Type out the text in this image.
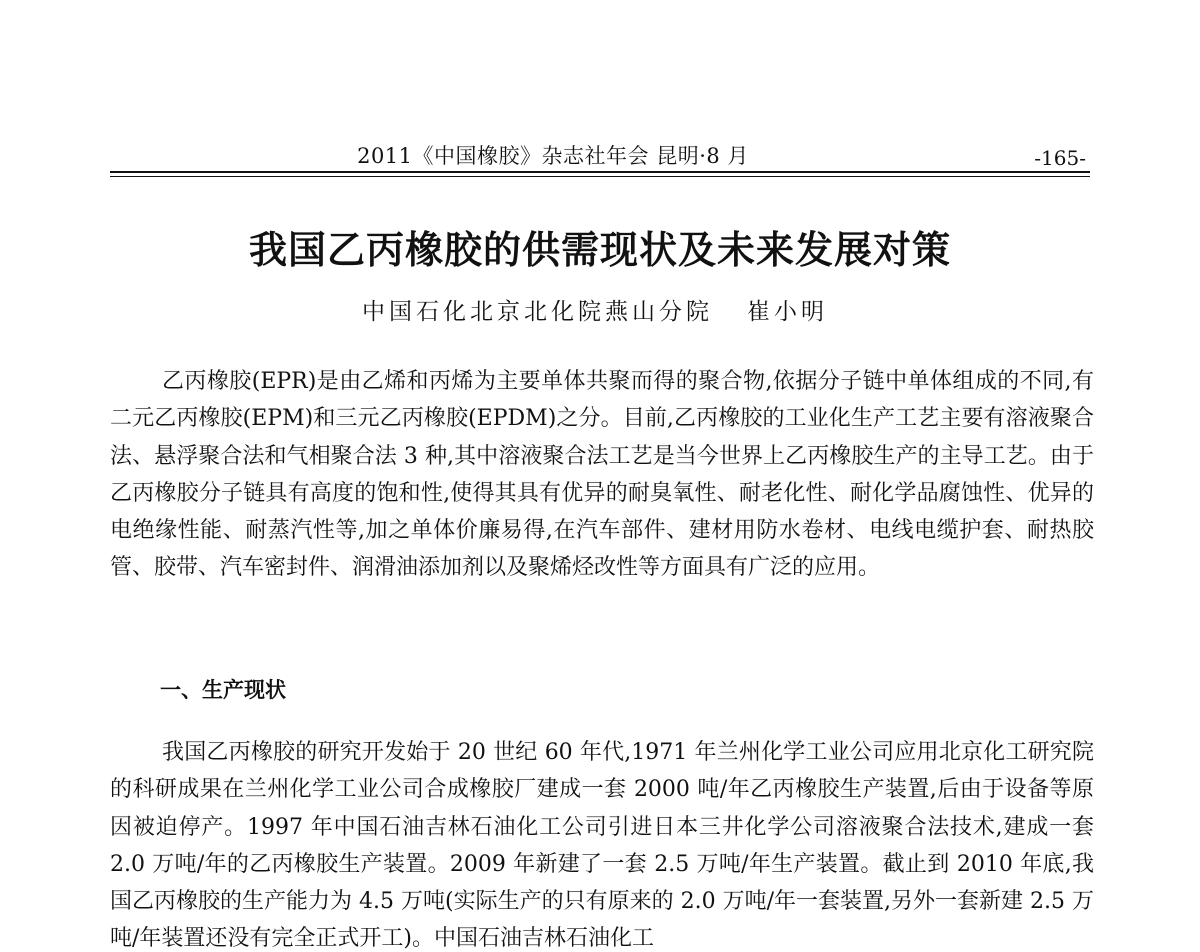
2011《中国橡胶》杂志社年会 昆明·8 月	-165-
我国乙丙橡胶的供需现状及未来发展对策
中国石化北京北化院燕山分院 崔小明

乙丙橡胶(EPR)是由乙烯和丙烯为主要单体共聚而得的聚合物,依据分子链中单体组成的不同,有二元乙丙橡胶(EPM)和三元乙丙橡胶(EPDM)之分。目前,乙丙橡胶的工业化生产工艺主要有溶液聚合法、悬浮聚合法和气相聚合法 3 种,其中溶液聚合法工艺是当今世界上乙丙橡胶生产的主导工艺。由于乙丙橡胶分子链具有高度的饱和性,使得其具有优异的耐臭氧性、耐老化性、耐化学品腐蚀性、优异的电绝缘性能、耐蒸汽性等,加之单体价廉易得,在汽车部件、建材用防水卷材、电线电缆护套、耐热胶管、胶带、汽车密封件、润滑油添加剂以及聚烯烃改性等方面具有广泛的应用。

一、生产现状

我国乙丙橡胶的研究开发始于 20 世纪 60 年代,1971 年兰州化学工业公司应用北京化工研究院的科研成果在兰州化学工业公司合成橡胶厂建成一套 2000 吨/年乙丙橡胶生产装置,后由于设备等原因被迫停产。1997 年中国石油吉林石油化工公司引进日本三井化学公司溶液聚合法技术,建成一套 2.0 万吨/年的乙丙橡胶生产装置。2009 年新建了一套 2.5 万吨/年生产装置。截止到 2010 年底,我国乙丙橡胶的生产能力为 4.5 万吨(实际生产的只有原来的 2.0 万吨/年一套装置,另外一套新建 2.5 万吨/年装置还没有完全正式开工)。中国石油吉林石油化工
